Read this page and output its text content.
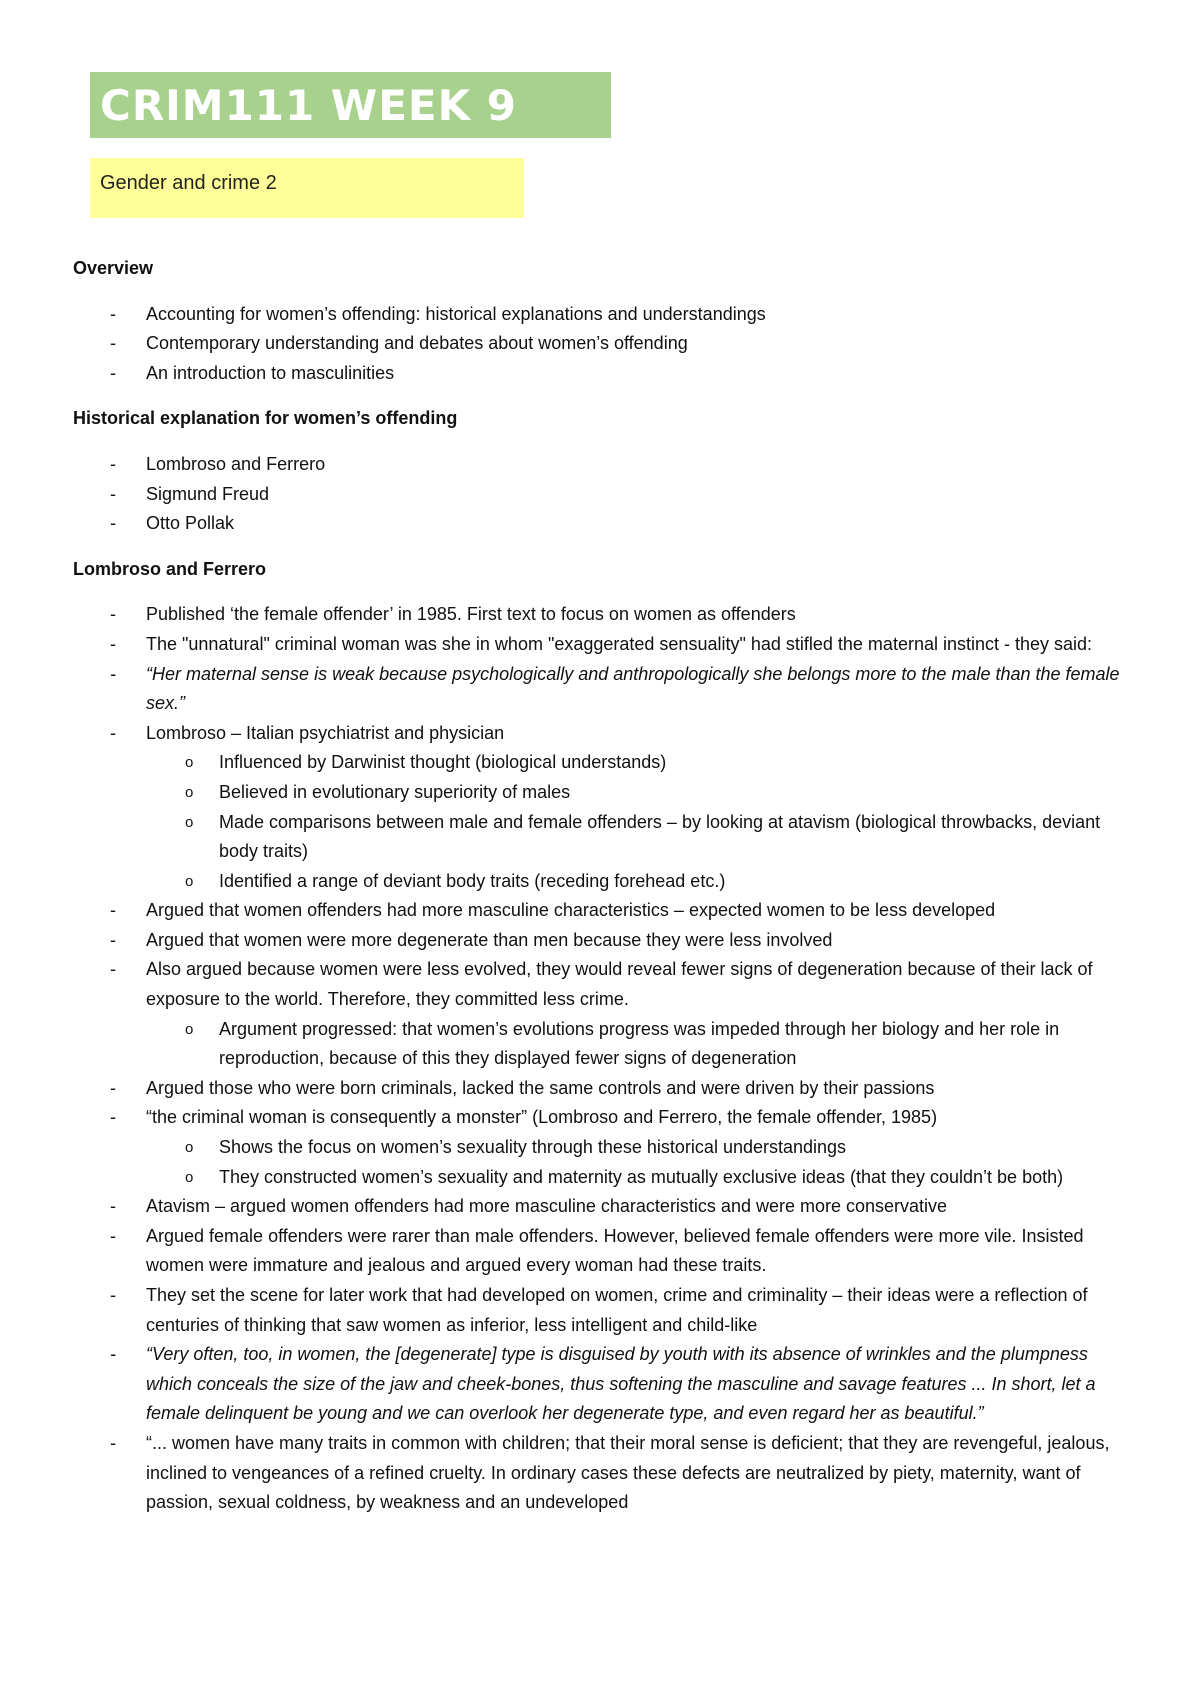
CRIM111 WEEK 9
Gender and crime 2
Overview
- Accounting for women’s offending: historical explanations and understandings
- Contemporary understanding and debates about women’s offending
- An introduction to masculinities
Historical explanation for women’s offending
- Lombroso and Ferrero
- Sigmund Freud
- Otto Pollak
Lombroso and Ferrero
- Published ‘the female offender’ in 1985. First text to focus on women as offenders
- The "unnatural" criminal woman was she in whom "exaggerated sensuality" had stifled the maternal instinct - they said:
- “Her maternal sense is weak because psychologically and anthropologically she belongs more to the male than the female sex.”
- Lombroso – Italian psychiatrist and physician
o Influenced by Darwinist thought (biological understands)
o Believed in evolutionary superiority of males
o Made comparisons between male and female offenders – by looking at atavism (biological throwbacks, deviant body traits)
o Identified a range of deviant body traits (receding forehead etc.)
- Argued that women offenders had more masculine characteristics – expected women to be less developed
- Argued that women were more degenerate than men because they were less involved
- Also argued because women were less evolved, they would reveal fewer signs of degeneration because of their lack of exposure to the world. Therefore, they committed less crime.
o Argument progressed: that women’s evolutions progress was impeded through her biology and her role in reproduction, because of this they displayed fewer signs of degeneration
- Argued those who were born criminals, lacked the same controls and were driven by their passions
- “the criminal woman is consequently a monster” (Lombroso and Ferrero, the female offender, 1985)
o Shows the focus on women’s sexuality through these historical understandings
o They constructed women’s sexuality and maternity as mutually exclusive ideas (that they couldn’t be both)
- Atavism – argued women offenders had more masculine characteristics and were more conservative
- Argued female offenders were rarer than male offenders. However, believed female offenders were more vile. Insisted women were immature and jealous and argued every woman had these traits.
- They set the scene for later work that had developed on women, crime and criminality – their ideas were a reflection of centuries of thinking that saw women as inferior, less intelligent and child-like
- “Very often, too, in women, the [degenerate] type is disguised by youth with its absence of wrinkles and the plumpness which conceals the size of the jaw and cheek-bones, thus softening the masculine and savage features ... In short, let a female delinquent be young and we can overlook her degenerate type, and even regard her as beautiful.”
- “... women have many traits in common with children; that their moral sense is deficient; that they are revengeful, jealous, inclined to vengeances of a refined cruelty. In ordinary cases these defects are neutralized by piety, maternity, want of passion, sexual coldness, by weakness and an undeveloped
